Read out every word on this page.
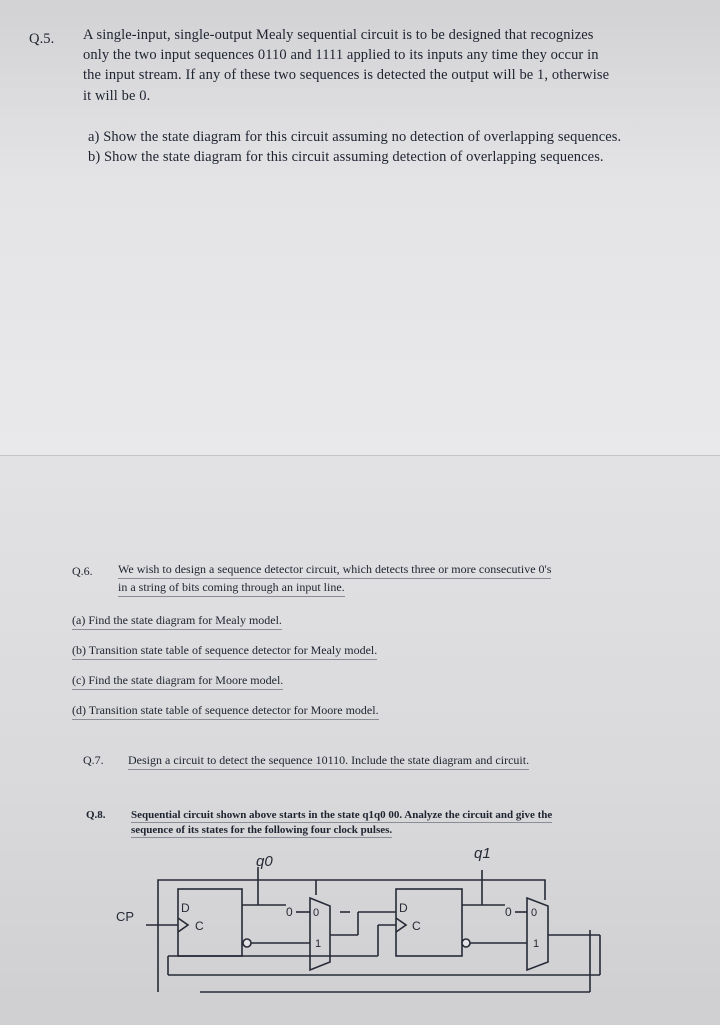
Q.5. A single-input, single-output Mealy sequential circuit is to be designed that recognizes
only the two input sequences 0110 and 1111 applied to its inputs any time they occur in
the input stream. If any of these two sequences is detected the output will be 1, otherwise
it will be 0.
a) Show the state diagram for this circuit assuming no detection of overlapping sequences.
b) Show the state diagram for this circuit assuming detection of overlapping sequences.
Q.6. We wish to design a sequence detector circuit, which detects three or more consecutive 0's
in a string of bits coming through an input line.
(a) Find the state diagram for Mealy model.
(b) Transition state table of sequence detector for Mealy model.
(c) Find the state diagram for Moore model.
(d) Transition state table of sequence detector for Moore model.
Q.7. Design a circuit to detect the sequence 10110. Include the state diagram and circuit.
Q.8. Sequential circuit shown above starts in the state q1q0 00. Analyze the circuit and give the
sequence of its states for the following four clock pulses.
q0	q1
CP
D
C
D
C
0 0
1
0 0
1
